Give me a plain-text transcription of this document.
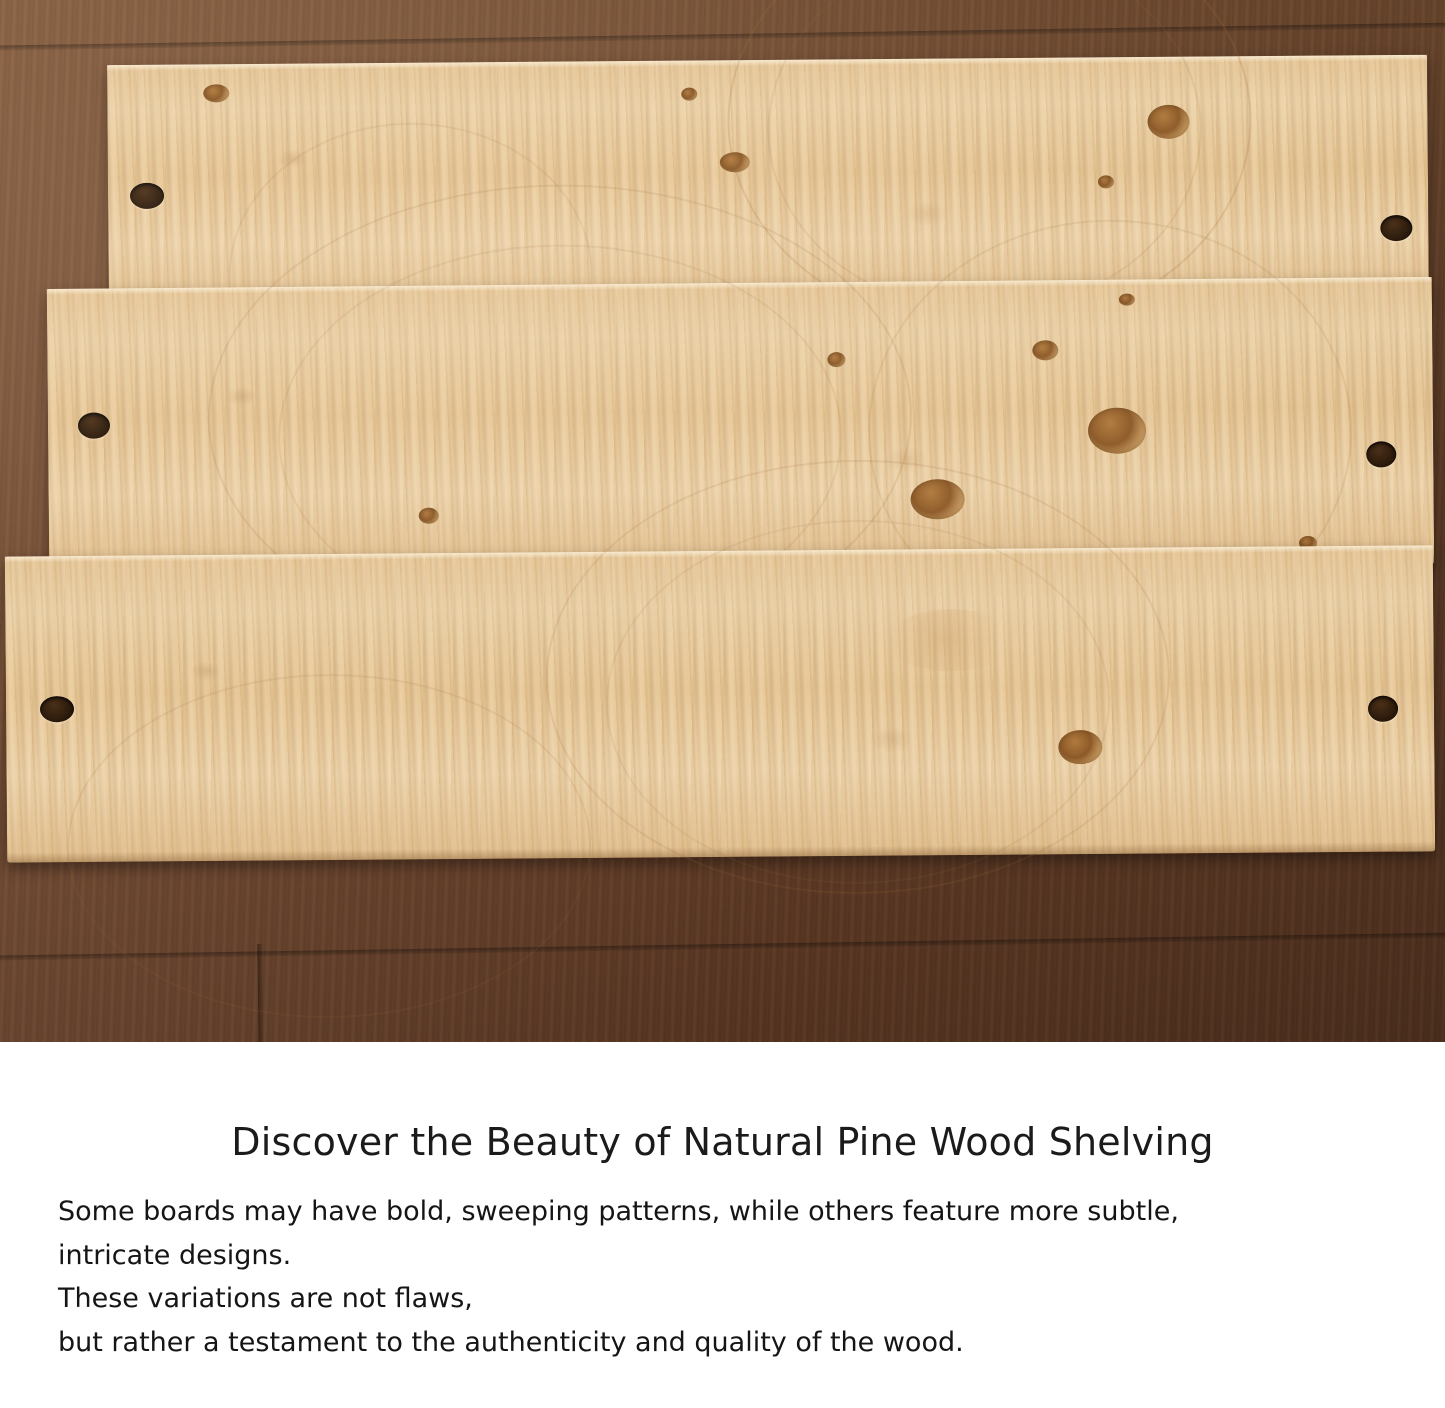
Discover the Beauty of Natural Pine Wood Shelving
Some boards may have bold, sweeping patterns, while others feature more subtle,
intricate designs.
These variations are not flaws,
but rather a testament to the authenticity and quality of the wood.
